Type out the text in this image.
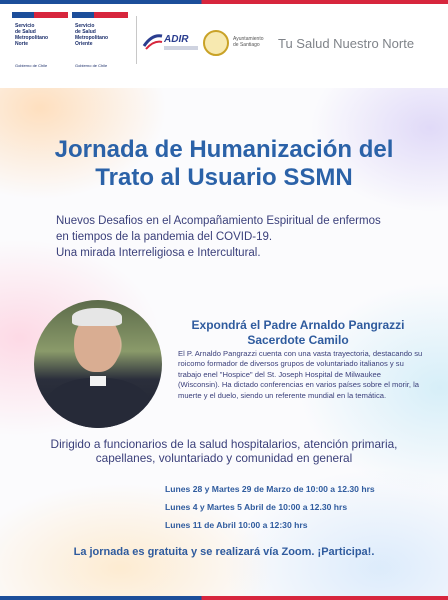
Servicio
de Salud
Metropolitano
Norte
Gobierno de Chile
Servicio
de Salud
Metropolitano
Oriente
Gobierno de Chile
ADIR	Ayuntamiento
de Santiago Tu Salud Nuestro Norte
Jornada de Humanización del
Trato al Usuario SSMN
Nuevos Desafios en el Acompañamiento Espiritual de enfermos
en tiempos de la pandemia del COVID-19.
Una mirada Interreligiosa e Intercultural.
Expondrá el Padre Arnaldo Pangrazzi
Sacerdote Camilo
El P. Arnaldo Pangrazzi cuenta con una vasta trayectoria, destacando su roicomo formador de diversos grupos de voluntariado italianos y su trabajo enel "Hospice" del St. Joseph Hospital de Milwaukee (Wisconsin). Ha dictado conferencias en varios países sobre el morir, la muerte y el duelo, siendo un referente mundial en la temática.
Dirigido a funcionarios de la salud hospitalarios, atención primaria,
capellanes, voluntariado y comunidad en general
Lunes 28 y Martes 29 de Marzo de 10:00 a 12.30 hrs
Lunes 4 y Martes 5 Abril de 10:00 a 12.30 hrs
Lunes 11 de Abril 10:00 a 12:30 hrs
La jornada es gratuita y se realizará vía Zoom. ¡Participa!.
